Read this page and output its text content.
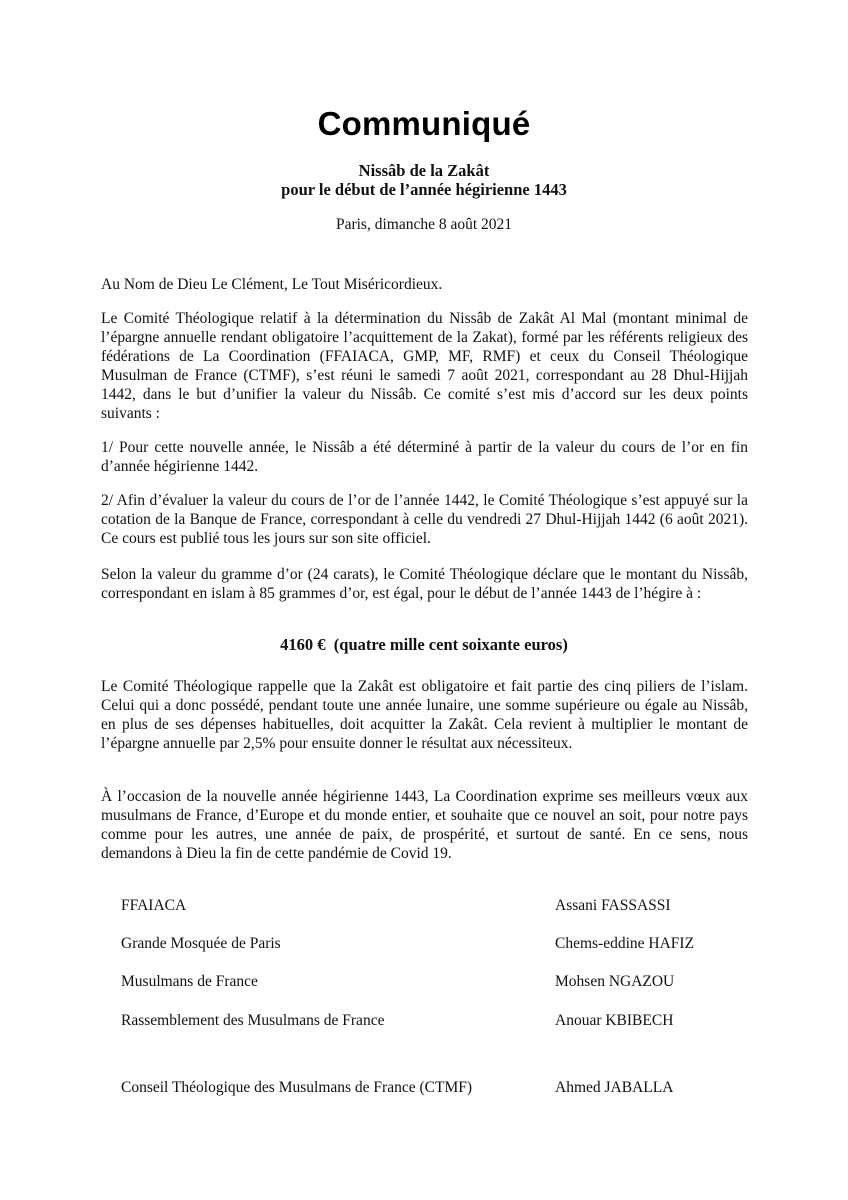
Communiqué
Nissâb de la Zakât
pour le début de l’année hégirienne 1443
Paris, dimanche 8 août 2021

Au Nom de Dieu Le Clément, Le Tout Miséricordieux.

Le Comité Théologique relatif à la détermination du Nissâb de Zakât Al Mal (montant minimal de l’épargne annuelle rendant obligatoire l’acquittement de la Zakat), formé par les référents religieux des fédérations de La Coordination (FFAIACA, GMP, MF, RMF) et ceux du Conseil Théologique Musulman de France (CTMF), s’est réuni le samedi 7 août 2021, correspondant au 28 Dhul-Hijjah 1442, dans le but d’unifier la valeur du Nissâb. Ce comité s’est mis d’accord sur les deux points suivants :

1/ Pour cette nouvelle année, le Nissâb a été déterminé à partir de la valeur du cours de l’or en fin d’année hégirienne 1442.

2/ Afin d’évaluer la valeur du cours de l’or de l’année 1442, le Comité Théologique s’est appuyé sur la cotation de la Banque de France, correspondant à celle du vendredi 27 Dhul-Hijjah 1442 (6 août 2021). Ce cours est publié tous les jours sur son site officiel.

Selon la valeur du gramme d’or (24 carats), le Comité Théologique déclare que le montant du Nissâb, correspondant en islam à 85 grammes d’or, est égal, pour le début de l’année 1443 de l’hégire à :

4160 €  (quatre mille cent soixante euros)

Le Comité Théologique rappelle que la Zakât est obligatoire et fait partie des cinq piliers de l’islam. Celui qui a donc possédé, pendant toute une année lunaire, une somme supérieure ou égale au Nissâb, en plus de ses dépenses habituelles, doit acquitter la Zakât. Cela revient à multiplier le montant de l’épargne annuelle par 2,5% pour ensuite donner le résultat aux nécessiteux.

À l’occasion de la nouvelle année hégirienne 1443, La Coordination exprime ses meilleurs vœux aux musulmans de France, d’Europe et du monde entier, et souhaite que ce nouvel an soit, pour notre pays comme pour les autres, une année de paix, de prospérité, et surtout de santé. En ce sens, nous demandons à Dieu la fin de cette pandémie de Covid 19.

FFAIACA	Assani FASSASSI
Grande Mosquée de Paris	Chems-eddine HAFIZ
Musulmans de France	Mohsen NGAZOU
Rassemblement des Musulmans de France	Anouar KBIBECH
Conseil Théologique des Musulmans de France (CTMF)	Ahmed JABALLA
